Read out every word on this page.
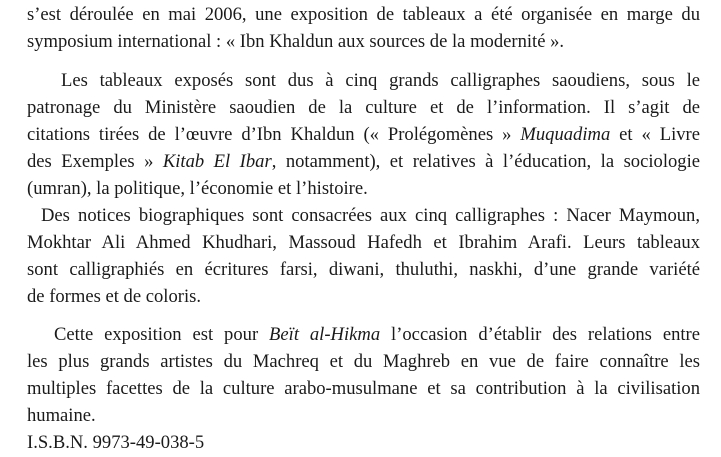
s’est déroulée en mai 2006, une exposition de tableaux a été organisée en marge du
symposium international : « Ibn Khaldun aux sources de la modernité ».
Les tableaux exposés sont dus à cinq grands calligraphes saoudiens, sous le
patronage du Ministère saoudien de la culture et de l’information. Il s’agit de
citations tirées de l’œuvre d’Ibn Khaldun (« Prolégomènes » Muquadima et « Livre
des Exemples » Kitab El Ibar, notamment), et relatives à l’éducation, la sociologie
(umran), la politique, l’économie et l’histoire.
Des notices biographiques sont consacrées aux cinq calligraphes : Nacer Maymoun,
Mokhtar Ali Ahmed Khudhari, Massoud Hafedh et Ibrahim Arafi. Leurs tableaux
sont calligraphiés en écritures farsi, diwani, thuluthi, naskhi, d’une grande variété
de formes et de coloris.
Cette exposition est pour Beït al-Hikma l’occasion d’établir des relations entre
les plus grands artistes du Machreq et du Maghreb en vue de faire connaître les
multiples facettes de la culture arabo-musulmane et sa contribution à la civilisation
humaine.
I.S.B.N. 9973-49-038-5
